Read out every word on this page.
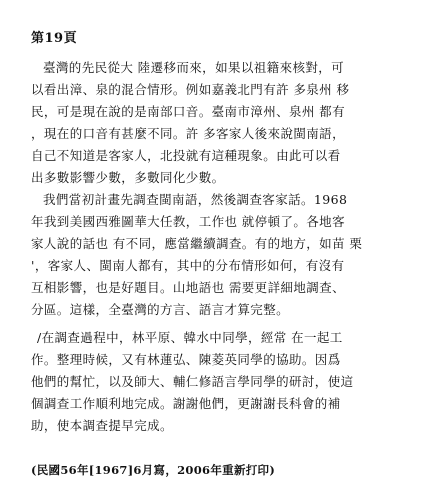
第19頁
臺灣的先民從大 陸遷移而來，如果以祖籍來核對，可
以看出漳、泉的混合情形。例如嘉義北門有許 多泉州 移
民，可是現在說的是南部口音。臺南市漳州、泉州 都有
，現在的口音有甚麼不同。許 多客家人後來說閩南語，
自己不知道是客家人，北投就有這種現象。由此可以看
出多數影響少數，多數同化少數。
我們當初計畫先調查閩南語，然後調查客家話。1968
年我到美國西雅圖華大任教，工作也 就停頓了。各地客
家人說的話也 有不同，應當繼續調查。有的地方，如苗 栗
'，客家人、閩南人都有，其中的分布情形如何，有沒有
互相影響，也是好題目。山地語也 需要更詳細地調查、
分區。這樣，全臺灣的方言、語言才算完整。
/在調查過程中，林平原、韓水中同學，經常 在一起工
作。整理時候，又有林蓮弘、陳菱英同學的協助。因爲
他們的幫忙，以及師大、輔仁修語言學同學的研討，使這
個調查工作順利地完成。謝謝他們，更謝謝長科會的補
助，使本調查提早完成。
(民國56年[1967]6月寫，2006年重新打印)
